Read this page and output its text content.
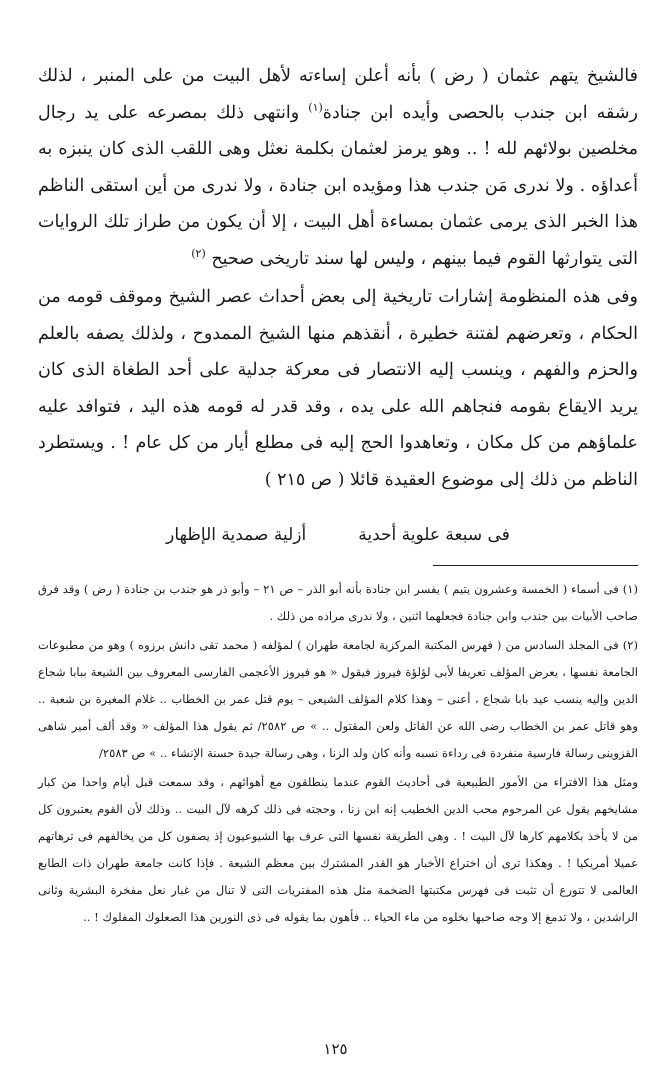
فالشيخ يتهم عثمان ( رض ) بأنه أعلن إساءته لأهل البيت من على المنبر ، لذلك رشقه ابن جندب بالحصى وأيده ابن جنادة$^{(١)}$ وانتهى ذلك بمصرعه على يد رجال مخلصين بولائهم لله ! .. وهو يرمز لعثمان بكلمة نعثل وهى اللقب الذى كان ينبزه به أعداؤه . ولا ندرى مَن جندب هذا ومؤيده ابن جنادة ، ولا ندرى من أين استقى الناظم هذا الخبر الذى يرمى عثمان بمساءة أهل البيت ، إلا أن يكون من طراز تلك الروايات التى يتوارثها القوم فيما بينهم ، وليس لها سند تاريخى صحيح $^{(٢)}$

وفى هذه المنظومة إشارات تاريخية إلى بعض أحداث عصر الشيخ وموقف قومه من الحكام ، وتعرضهم لفتنة خطيرة ، أنقذهم منها الشيخ الممدوح ، ولذلك يصفه بالعلم والحزم والفهم ، وينسب إليه الانتصار فى معركة جدلية على أحد الطغاة الذى كان يريد الايقاع بقومه فنجاهم الله على يده ، وقد قدر له قومه هذه اليد ، فتوافد عليه علماؤهم من كل مكان ، وتعاهدوا الحج إليه فى مطلع أيار من كل عام ! . ويستطرد الناظم من ذلك إلى موضوع العقيدة قائلا ( ص ٢١٥ )

فى سبعة علوية أحدية
أزلية صمدية الإظهار

(١) فى أسماء ( الخمسة وعشرون يتيم ) يفسر ابن جنادة بأنه أبو الذر – ص ٢١ – وأبو ذر هو جندب بن جنادة ( رض ) وقد فرق صاحب الأبيات بين جندب وابن جنادة فجعلهما اثنين ، ولا ندرى مراده من ذلك .

(٢) فى المجلد السادس من ( فهرس المكتبة المركزية لجامعة طهران ) لمؤلفه ( محمد تقى دانش برزوه ) وهو من مطبوعات الجامعة نفسها ، يعرض المؤلف تعريفا لأبى لؤلؤة فيروز فيقول « هو فيروز الأعجمى الفارسى المعروف بين الشيعة ببابا شجاع الدين وإليه ينسب عيد بابا شجاع ، أعنى – وهذا كلام المؤلف الشيعى – يوم قتل عمر بن الخطاب .. غلام المغيرة بن شعبة .. وهو قاتل عمر بن الخطاب رضى الله عن القاتل ولعن المقتول .. » ص ٢٥٨٢/ ثم يقول هذا المؤلف « وقد ألف أمير شاهى القزوينى رسالة فارسية منفردة فى رداءة نسبه وأنه كان ولد الزنا ، وهى رسالة جيدة حسنة الإنشاء .. » ص ٢٥٨٣/

ومثل هذا الافتراء من الأمور الطبيعية فى أحاديث القوم عندما ينطلقون مع أهوائهم ، وقد سمعت قبل أيام واحدا من كبار مشايخهم يقول عن المرحوم محب الدين الخطيب إنه ابن زنا ، وحجته فى ذلك كرهه لآل البيت .. وذلك لأن القوم يعتبرون كل من لا يأخذ بكلامهم كارها لآل البيت ! . وهى الطريقة نفسها التى عرف بها الشيوعيون إذ يصفون كل من يخالفهم فى ترهاتهم عميلا أمريكيا ! . وهكذا ترى أن اختراع الأخبار هو القدر المشترك بين معظم الشيعة . فإذا كانت جامعة طهران ذات الطابع العالمى لا تتورع أن تثبت فى فهرس مكتبتها الضخمة مثل هذه المفتريات التى لا تنال من غبار نعل مفخرة البشرية وثانى الراشدين ، ولا تدمغ إلا وجه صاحبها بخلوه من ماء الحياء .. فأهون بما يقوله فى ذى النورين هذا الصعلوك المفلوك ! ..

١٢٥
